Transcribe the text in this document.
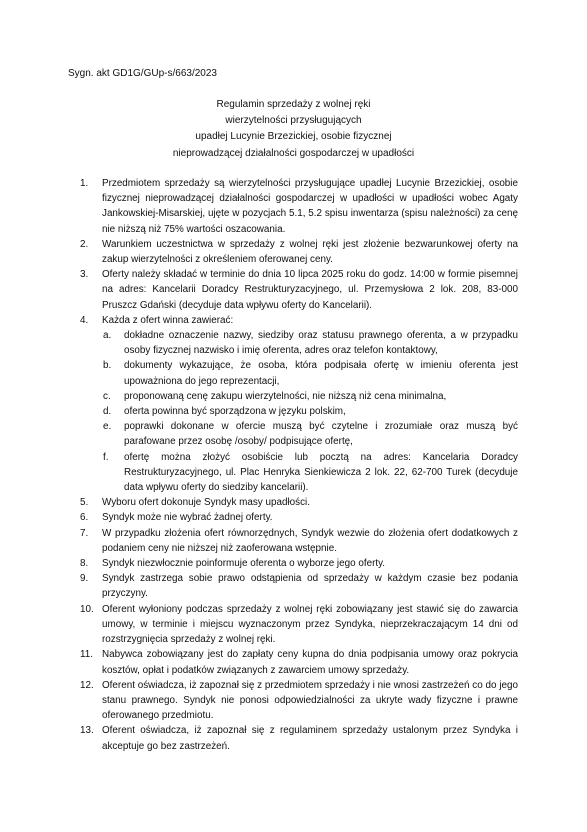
Sygn. akt GD1G/GUp-s/663/2023
Regulamin sprzedaży z wolnej ręki
wierzytelności przysługujących
upadłej Lucynie Brzezickiej, osobie fizycznej
nieprowadzącej działalności gospodarczej w upadłości
1. Przedmiotem sprzedaży są wierzytelności przysługujące upadłej Lucynie Brzezickiej, osobie fizycznej nieprowadzącej działalności gospodarczej w upadłości w upadłości wobec Agaty Jankowskiej-Misarskiej, ujęte w pozycjach 5.1, 5.2 spisu inwentarza (spisu należności) za cenę nie niższą niż 75% wartości oszacowania.
2. Warunkiem uczestnictwa w sprzedaży z wolnej ręki jest złożenie bezwarunkowej oferty na zakup wierzytelności z określeniem oferowanej ceny.
3. Oferty należy składać w terminie do dnia 10 lipca 2025 roku do godz. 14:00 w formie pisemnej na adres: Kancelarii Doradcy Restrukturyzacyjnego, ul. Przemysłowa 2 lok. 208, 83-000 Pruszcz Gdański (decyduje data wpływu oferty do Kancelarii).
4. Każda z ofert winna zawierać:
a. dokładne oznaczenie nazwy, siedziby oraz statusu prawnego oferenta, a w przypadku osoby fizycznej nazwisko i imię oferenta, adres oraz telefon kontaktowy,
b. dokumenty wykazujące, że osoba, która podpisała ofertę w imieniu oferenta jest upoważniona do jego reprezentacji,
c. proponowaną cenę zakupu wierzytelności, nie niższą niż cena minimalna,
d. oferta powinna być sporządzona w języku polskim,
e. poprawki dokonane w ofercie muszą być czytelne i zrozumiałe oraz muszą być parafowane przez osobę /osoby/ podpisujące ofertę,
f. ofertę można złożyć osobiście lub pocztą na adres: Kancelaria Doradcy Restrukturyzacyjnego, ul. Plac Henryka Sienkiewicza 2 lok. 22, 62-700 Turek (decyduje data wpływu oferty do siedziby kancelarii).
5. Wyboru ofert dokonuje Syndyk masy upadłości.
6. Syndyk może nie wybrać żadnej oferty.
7. W przypadku złożenia ofert równorzędnych, Syndyk wezwie do złożenia ofert dodatkowych z podaniem ceny nie niższej niż zaoferowana wstępnie.
8. Syndyk niezwłocznie poinformuje oferenta o wyborze jego oferty.
9. Syndyk zastrzega sobie prawo odstąpienia od sprzedaży w każdym czasie bez podania przyczyny.
10. Oferent wyłoniony podczas sprzedaży z wolnej ręki zobowiązany jest stawić się do zawarcia umowy, w terminie i miejscu wyznaczonym przez Syndyka, nieprzekraczającym 14 dni od rozstrzygnięcia sprzedaży z wolnej ręki.
11. Nabywca zobowiązany jest do zapłaty ceny kupna do dnia podpisania umowy oraz pokrycia kosztów, opłat i podatków związanych z zawarciem umowy sprzedaży.
12. Oferent oświadcza, iż zapoznał się z przedmiotem sprzedaży i nie wnosi zastrzeżeń co do jego stanu prawnego. Syndyk nie ponosi odpowiedzialności za ukryte wady fizyczne i prawne oferowanego przedmiotu.
13. Oferent oświadcza, iż zapoznał się z regulaminem sprzedaży ustalonym przez Syndyka i akceptuje go bez zastrzeżeń.
